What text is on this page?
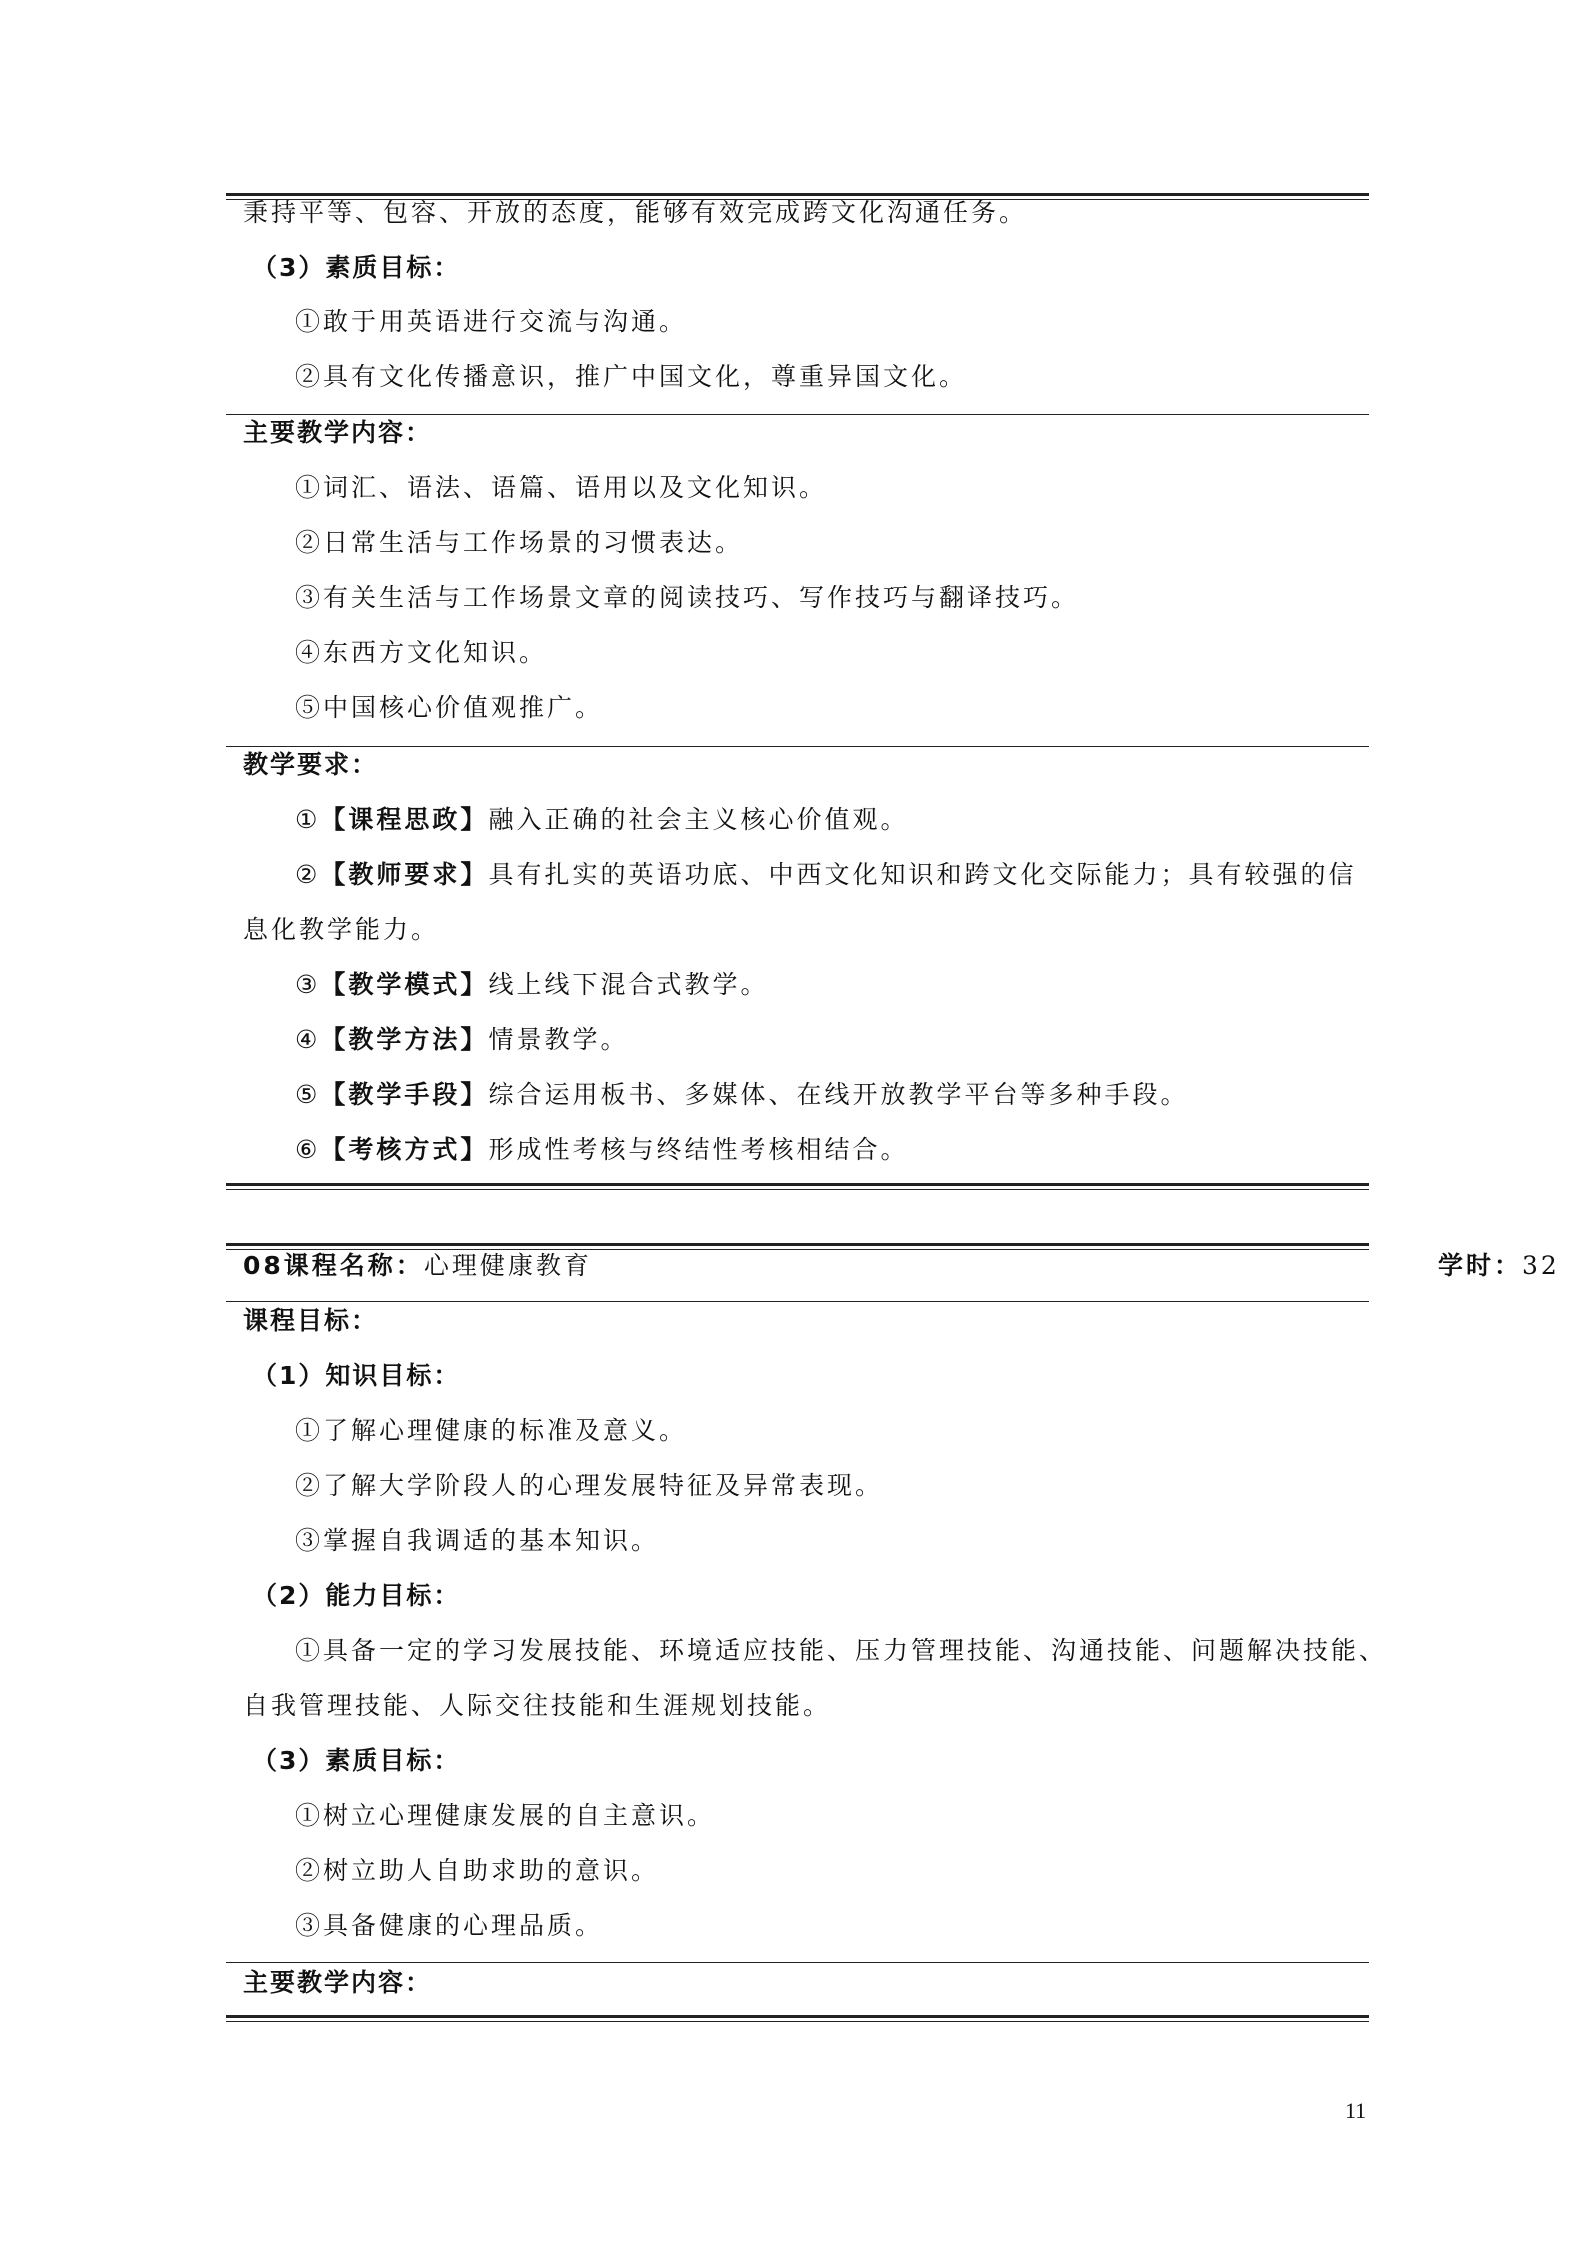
秉持平等、包容、开放的态度，能够有效完成跨文化沟通任务。
（3）素质目标：
①敢于用英语进行交流与沟通。
②具有文化传播意识，推广中国文化，尊重异国文化。
主要教学内容：
①词汇、语法、语篇、语用以及文化知识。
②日常生活与工作场景的习惯表达。
③有关生活与工作场景文章的阅读技巧、写作技巧与翻译技巧。
④东西方文化知识。
⑤中国核心价值观推广。
教学要求：
①【课程思政】融入正确的社会主义核心价值观。
②【教师要求】具有扎实的英语功底、中西文化知识和跨文化交际能力；具有较强的信
息化教学能力。
③【教学模式】线上线下混合式教学。
④【教学方法】情景教学。
⑤【教学手段】综合运用板书、多媒体、在线开放教学平台等多种手段。
⑥【考核方式】形成性考核与终结性考核相结合。
08课程名称：心理健康教育	学时：32
课程目标：
（1）知识目标：
①了解心理健康的标准及意义。
②了解大学阶段人的心理发展特征及异常表现。
③掌握自我调适的基本知识。
（2）能力目标：
①具备一定的学习发展技能、环境适应技能、压力管理技能、沟通技能、问题解决技能、
自我管理技能、人际交往技能和生涯规划技能。
（3）素质目标：
①树立心理健康发展的自主意识。
②树立助人自助求助的意识。
③具备健康的心理品质。
主要教学内容：
11
